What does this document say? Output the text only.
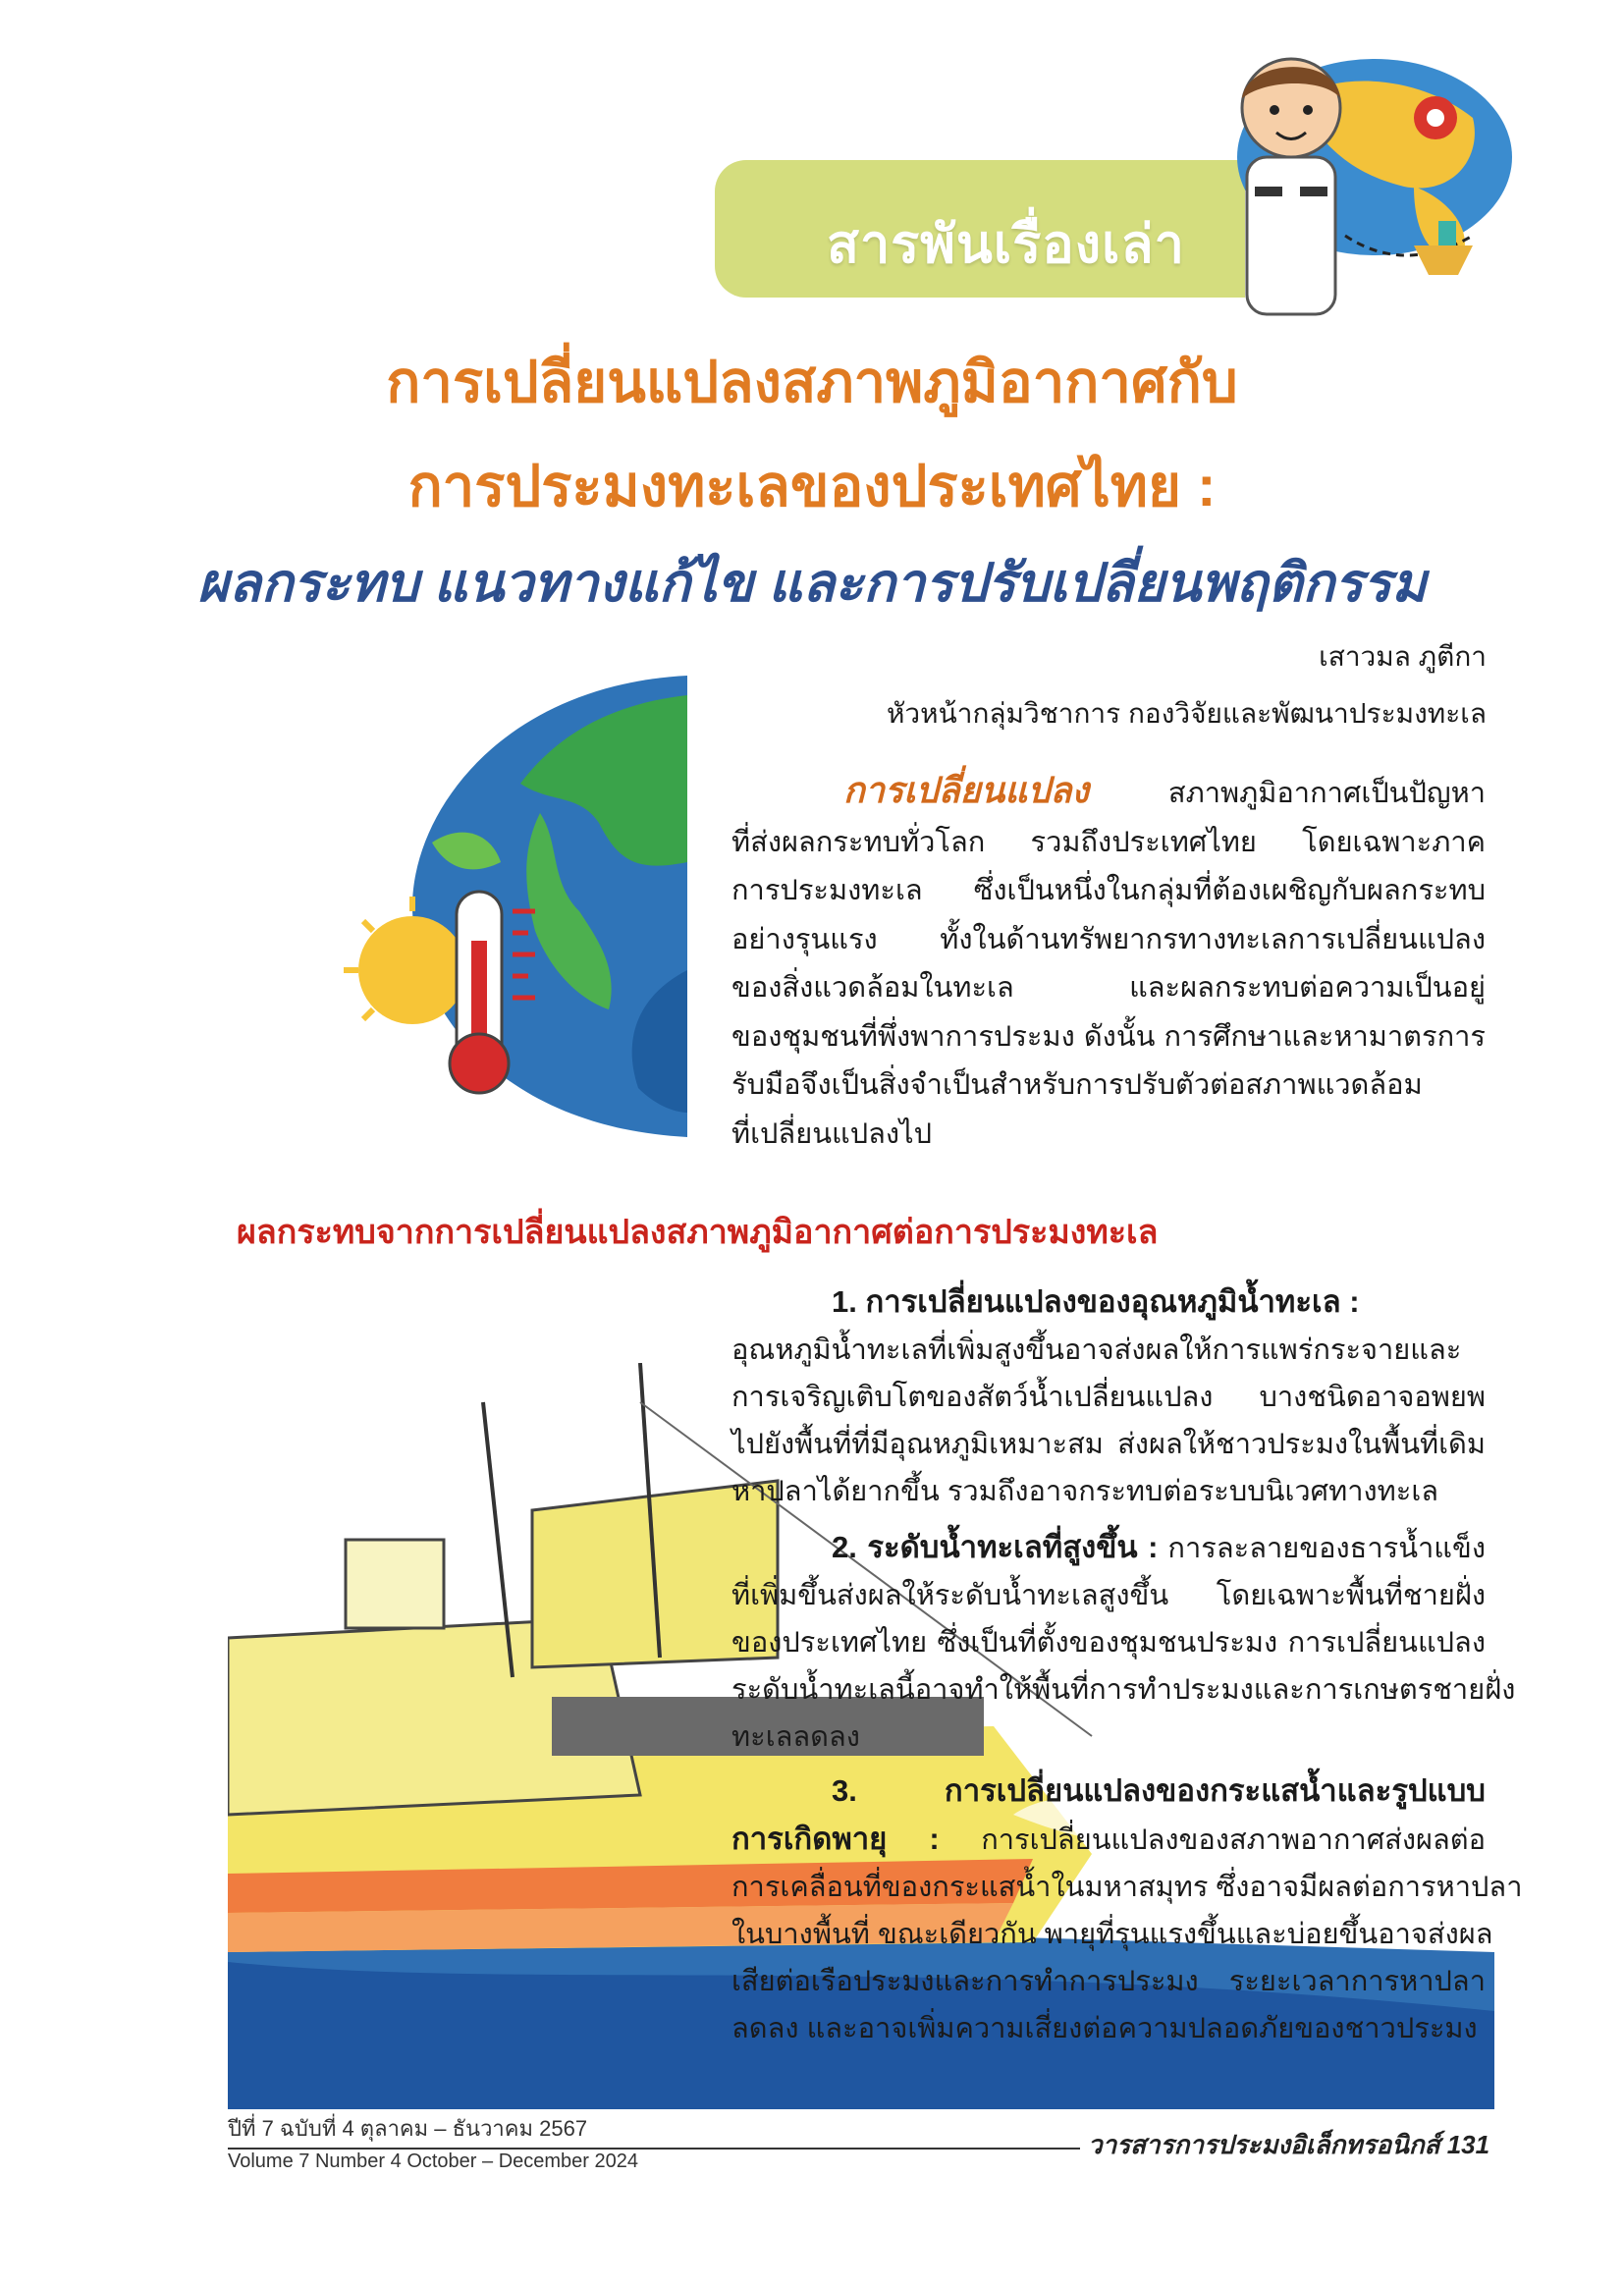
สารพันเรื่องเล่า
การเปลี่ยนแปลงสภาพภูมิอากาศกับ
การประมงทะเลของประเทศไทย :
ผลกระทบ แนวทางแก้ไข และการปรับเปลี่ยนพฤติกรรม
เสาวมล ภูตีกา
หัวหน้ากลุ่มวิชาการ กองวิจัยและพัฒนาประมงทะเล
การเปลี่ยนแปลง สภาพภูมิอากาศเป็นปัญหา
ที่ส่งผลกระทบทั่วโลก รวมถึงประเทศไทย โดยเฉพาะภาค
การประมงทะเล ซึ่งเป็นหนึ่งในกลุ่มที่ต้องเผชิญกับผลกระทบ
อย่างรุนแรง ทั้งในด้านทรัพยากรทางทะเลการเปลี่ยนแปลง
ของสิ่งแวดล้อมในทะเล และผลกระทบต่อความเป็นอยู่
ของชุมชนที่พึ่งพาการประมง ดังนั้น การศึกษาและหามาตรการ
รับมือจึงเป็นสิ่งจำเป็นสำหรับการปรับตัวต่อสภาพแวดล้อม
ที่เปลี่ยนแปลงไป
ผลกระทบจากการเปลี่ยนแปลงสภาพภูมิอากาศต่อการประมงทะเล
1. การเปลี่ยนแปลงของอุณหภูมิน้ำทะเล :
อุณหภูมิน้ำทะเลที่เพิ่มสูงขึ้นอาจส่งผลให้การแพร่กระจายและ
การเจริญเติบโตของสัตว์น้ำเปลี่ยนแปลง บางชนิดอาจอพยพ
ไปยังพื้นที่ที่มีอุณหภูมิเหมาะสม ส่งผลให้ชาวประมงในพื้นที่เดิม
หาปลาได้ยากขึ้น รวมถึงอาจกระทบต่อระบบนิเวศทางทะเล
2. ระดับน้ำทะเลที่สูงขึ้น : การละลายของธารน้ำแข็ง
ที่เพิ่มขึ้นส่งผลให้ระดับน้ำทะเลสูงขึ้น โดยเฉพาะพื้นที่ชายฝั่ง
ของประเทศไทย ซึ่งเป็นที่ตั้งของชุมชนประมง การเปลี่ยนแปลง
ระดับน้ำทะเลนี้อาจทำให้พื้นที่การทำประมงและการเกษตรชายฝั่ง
ทะเลลดลง
3. การเปลี่ยนแปลงของกระแสน้ำและรูปแบบ
การเกิดพายุ : การเปลี่ยนแปลงของสภาพอากาศส่งผลต่อ
การเคลื่อนที่ของกระแสน้ำในมหาสมุทร ซึ่งอาจมีผลต่อการหาปลา
ในบางพื้นที่ ขณะเดียวกัน พายุที่รุนแรงขึ้นและบ่อยขึ้นอาจส่งผล
เสียต่อเรือประมงและการทำการประมง ระยะเวลาการหาปลา
ลดลง และอาจเพิ่มความเสี่ยงต่อความปลอดภัยของชาวประมง
ปีที่ 7 ฉบับที่ 4 ตุลาคม – ธันวาคม 2567
Volume 7 Number 4 October – December 2024
วารสารการประมงอิเล็กทรอนิกส์ 131
